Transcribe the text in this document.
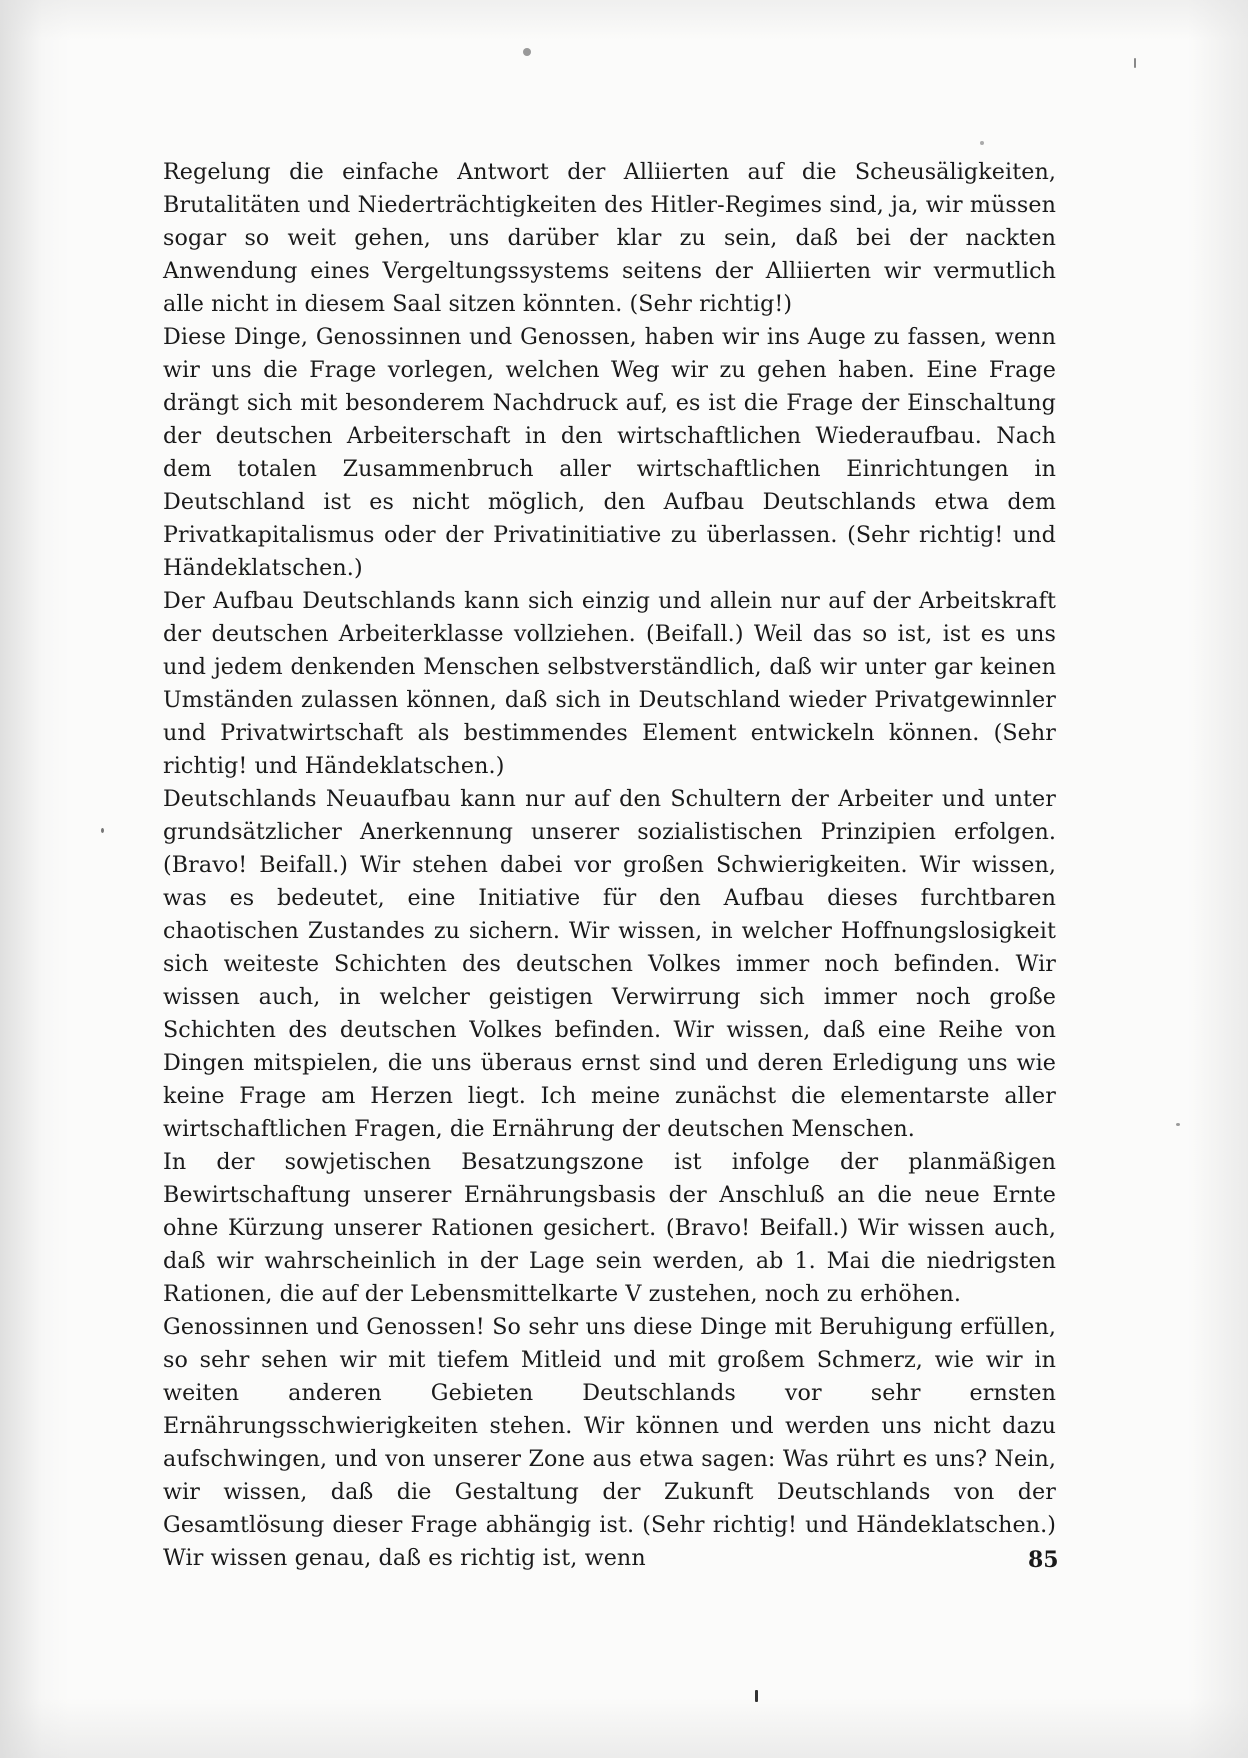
Regelung die einfache Antwort der Alliierten auf die Scheusäligkeiten, Brutalitäten und Niederträchtigkeiten des Hitler-Regimes sind, ja, wir müssen sogar so weit gehen, uns darüber klar zu sein, daß bei der nackten Anwendung eines Vergeltungssystems seitens der Alliierten wir vermutlich alle nicht in diesem Saal sitzen könnten. (Sehr richtig!)

Diese Dinge, Genossinnen und Genossen, haben wir ins Auge zu fassen, wenn wir uns die Frage vorlegen, welchen Weg wir zu gehen haben. Eine Frage drängt sich mit besonderem Nachdruck auf, es ist die Frage der Einschaltung der deutschen Arbeiterschaft in den wirtschaftlichen Wiederaufbau. Nach dem totalen Zusammenbruch aller wirtschaftlichen Einrichtungen in Deutschland ist es nicht möglich, den Aufbau Deutschlands etwa dem Privatkapitalismus oder der Privatinitiative zu überlassen. (Sehr richtig! und Händeklatschen.)

Der Aufbau Deutschlands kann sich einzig und allein nur auf der Arbeitskraft der deutschen Arbeiterklasse vollziehen. (Beifall.) Weil das so ist, ist es uns und jedem denkenden Menschen selbstverständlich, daß wir unter gar keinen Umständen zulassen können, daß sich in Deutschland wieder Privatgewinnler und Privatwirtschaft als bestimmendes Element entwickeln können. (Sehr richtig! und Händeklatschen.)

Deutschlands Neuaufbau kann nur auf den Schultern der Arbeiter und unter grundsätzlicher Anerkennung unserer sozialistischen Prinzipien erfolgen. (Bravo! Beifall.) Wir stehen dabei vor großen Schwierigkeiten. Wir wissen, was es bedeutet, eine Initiative für den Aufbau dieses furchtbaren chaotischen Zustandes zu sichern. Wir wissen, in welcher Hoffnungslosigkeit sich weiteste Schichten des deutschen Volkes immer noch befinden. Wir wissen auch, in welcher geistigen Verwirrung sich immer noch große Schichten des deutschen Volkes befinden. Wir wissen, daß eine Reihe von Dingen mitspielen, die uns überaus ernst sind und deren Erledigung uns wie keine Frage am Herzen liegt. Ich meine zunächst die elementarste aller wirtschaftlichen Fragen, die Ernährung der deutschen Menschen.

In der sowjetischen Besatzungszone ist infolge der planmäßigen Bewirtschaftung unserer Ernährungsbasis der Anschluß an die neue Ernte ohne Kürzung unserer Rationen gesichert. (Bravo! Beifall.) Wir wissen auch, daß wir wahrscheinlich in der Lage sein werden, ab 1. Mai die niedrigsten Rationen, die auf der Lebensmittelkarte V zustehen, noch zu erhöhen.

Genossinnen und Genossen! So sehr uns diese Dinge mit Beruhigung erfüllen, so sehr sehen wir mit tiefem Mitleid und mit großem Schmerz, wie wir in weiten anderen Gebieten Deutschlands vor sehr ernsten Ernährungsschwierigkeiten stehen. Wir können und werden uns nicht dazu aufschwingen, und von unserer Zone aus etwa sagen: Was rührt es uns? Nein, wir wissen, daß die Gestaltung der Zukunft Deutschlands von der Gesamtlösung dieser Frage abhängig ist. (Sehr richtig! und Händeklatschen.) Wir wissen genau, daß es richtig ist, wenn	85
